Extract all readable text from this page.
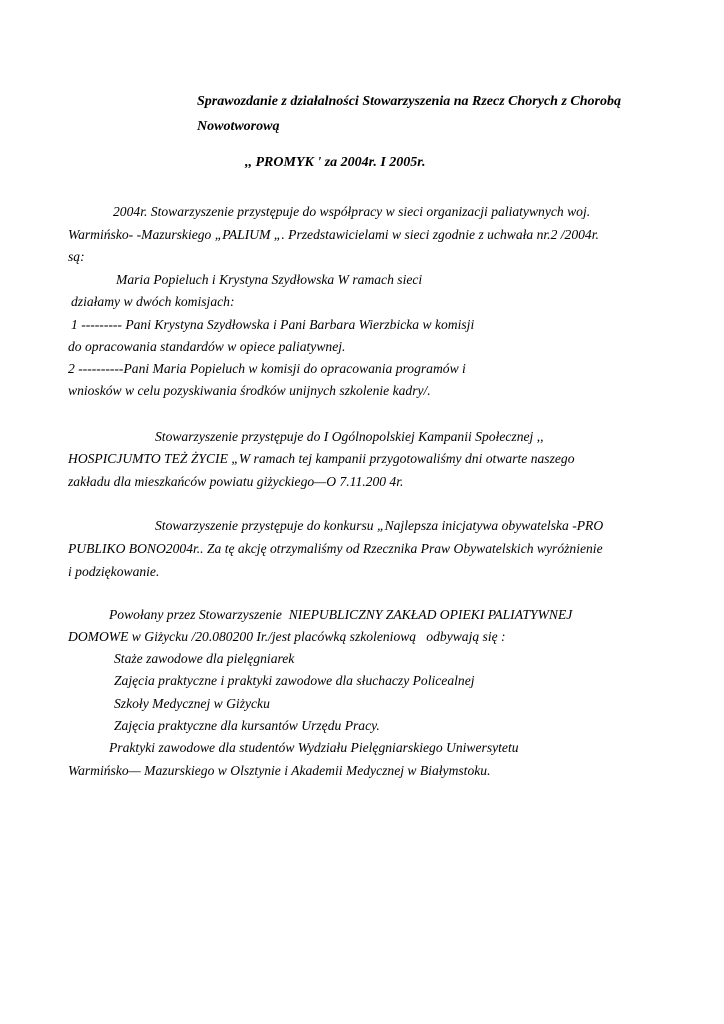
Sprawozdanie z działalności Stowarzyszenia na Rzecz Chorych z Chorobą
Nowotworową
,, PROMYK ' za 2004r. I 2005r.
2004r. Stowarzyszenie przystępuje do współpracy w sieci organizacji paliatywnych woj.
Warmińsko- -Mazurskiego „PALIUM „. Przedstawicielami w sieci zgodnie z uchwała nr.2 /2004r.
są:
Maria Popieluch i Krystyna Szydłowska W ramach sieci
działamy w dwóch komisjach:
1 --------- Pani Krystyna Szydłowska i Pani Barbara Wierzbicka w komisji
do opracowania standardów w opiece paliatywnej.
2 ----------Pani Maria Popieluch w komisji do opracowania programów i
wniosków w celu pozyskiwania środków unijnych szkolenie kadry/.
Stowarzyszenie przystępuje do I Ogólnopolskiej Kampanii Społecznej ,,
HOSPICJUMTO TEŻ ŻYCIE „W ramach tej kampanii przygotowaliśmy dni otwarte naszego
zakładu dla mieszkańców powiatu giżyckiego—O 7.11.200 4r.
Stowarzyszenie przystępuje do konkursu „Najlepsza inicjatywa obywatelska -PRO
PUBLIKO BONO2004r.. Za tę akcję otrzymaliśmy od Rzecznika Praw Obywatelskich wyróżnienie
i podziękowanie.
Powołany przez Stowarzyszenie  NIEPUBLICZNY ZAKŁAD OPIEKI PALIATYWNEJ
DOMOWE w Giżycku /20.080200 Ir./jest placówką szkoleniową   odbywają się :
Staże zawodowe dla pielęgniarek
Zajęcia praktyczne i praktyki zawodowe dla słuchaczy Policealnej
Szkoły Medycznej w Giżycku
Zajęcia praktyczne dla kursantów Urzędu Pracy.
Praktyki zawodowe dla studentów Wydziału Pielęgniarskiego Uniwersytetu
Warmińsko— Mazurskiego w Olsztynie i Akademii Medycznej w Białymstoku.
